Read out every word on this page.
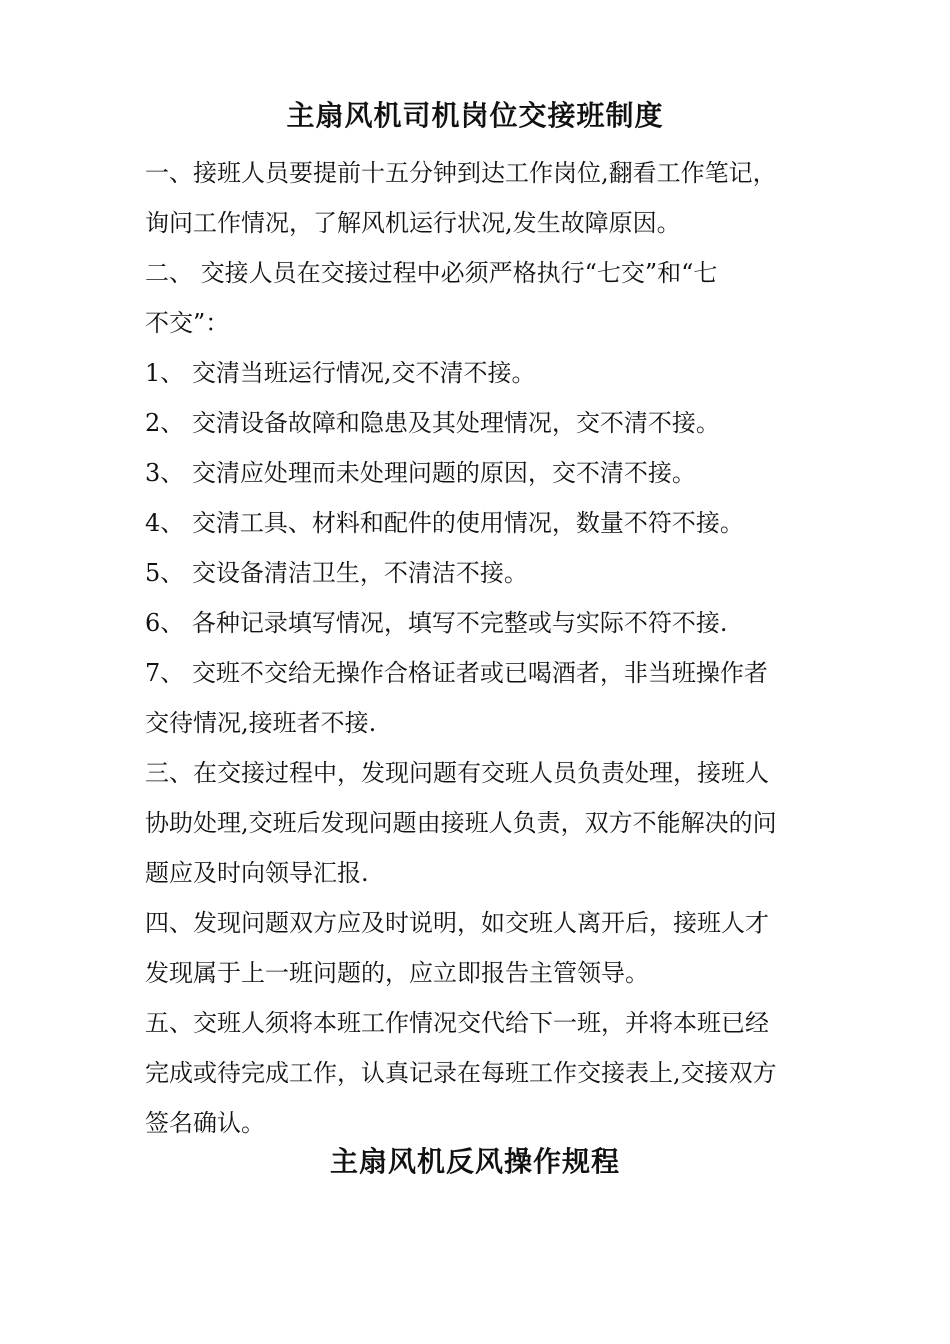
主扇风机司机岗位交接班制度
一、接班人员要提前十五分钟到达工作岗位,翻看工作笔记，
询问工作情况，了解风机运行状况,发生故障原因。
二、 交接人员在交接过程中必须严格执行“七交”和“七
不交”：
1、 交清当班运行情况,交不清不接。
2、 交清设备故障和隐患及其处理情况，交不清不接。
3、 交清应处理而未处理问题的原因，交不清不接。
4、 交清工具、材料和配件的使用情况，数量不符不接。
5、 交设备清洁卫生，不清洁不接。
6、 各种记录填写情况，填写不完整或与实际不符不接.
7、 交班不交给无操作合格证者或已喝酒者，非当班操作者
交待情况,接班者不接.
三、在交接过程中，发现问题有交班人员负责处理，接班人
协助处理,交班后发现问题由接班人负责，双方不能解决的问
题应及时向领导汇报.
四、发现问题双方应及时说明，如交班人离开后，接班人才
发现属于上一班问题的，应立即报告主管领导。
五、交班人须将本班工作情况交代给下一班，并将本班已经
完成或待完成工作，认真记录在每班工作交接表上,交接双方
签名确认。
主扇风机反风操作规程
